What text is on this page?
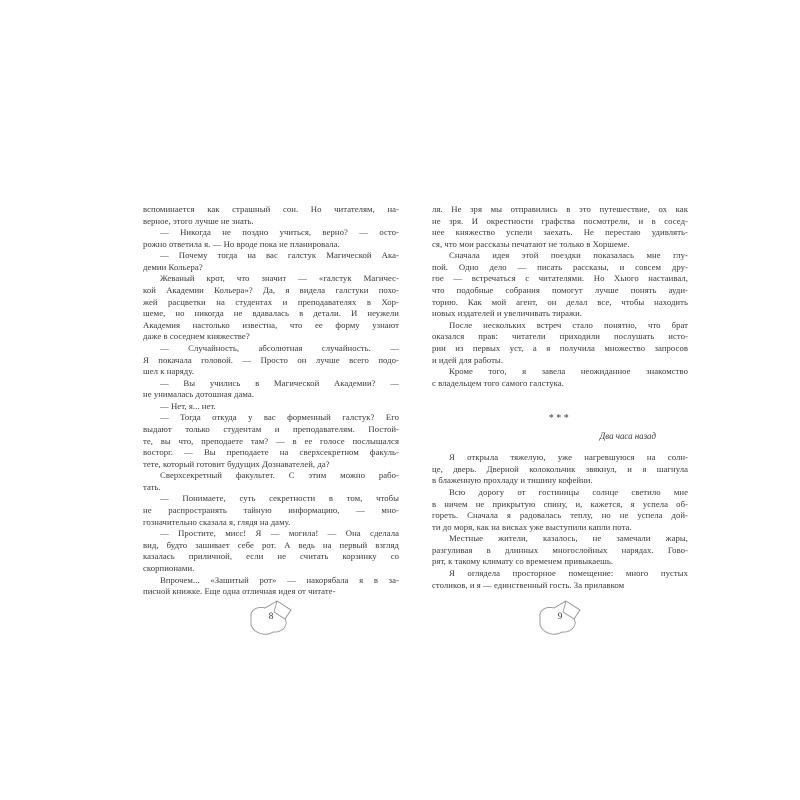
вспоминается как страшный сон. Но читателям, на-
верное, этого лучше не знать.
— Никогда не поздно учиться, верно? — осто-
рожно ответила я. — Но вроде пока не планировала.
— Почему тогда на вас галстук Магической Ака-
демии Кольера?
Жеваный крот, что значит — «галстук Магичес-
кой Академии Кольера»? Да, я видела галстуки похо-
жей расцветки на студентах и преподавателях в Хор-
шеме, но никогда не вдавалась в детали. И неужели
Академия настолько известна, что ее форму узнают
даже в соседнем княжестве?
— Случайность, абсолютная случайность. —
Я покачала головой. — Просто он лучше всего подо-
шел к наряду.
— Вы учились в Магической Академии? —
не унималась дотошная дама.
— Нет, я... нет.
— Тогда откуда у вас форменный галстук? Его
выдают только студентам и преподавателям. Постой-
те, вы что, преподаете там? — в ее голосе послышался
восторг. — Вы преподаете на сверхсекретном факуль-
тете, который готовит будущих Дознавателей, да?
Сверхсекретный факультет. С этим можно рабо-
тать.
— Понимаете, суть секретности в том, чтобы
не распространять тайную информацию, — мно-
гозначительно сказала я, глядя на даму.
— Простите, мисс! Я — могила! — Она сделала
вид, будто зашивает себе рот. А ведь на первый взгляд
казалась приличной, если не считать корзинку со
скорпионами.
Впрочем... «Зашитый рот» — накорябала я в за-
писной книжке. Еще одна отличная идея от читате-
8
ля. Не зря мы отправились в это путешествие, ох как
не зря. И окрестности графства посмотрели, и в сосед-
нее княжество успели заехать. Не перестаю удивлять-
ся, что мои рассказы печатают не только в Хоршеме.
Сначала идея этой поездки показалась мне глу-
пой. Одно дело — писать рассказы, и совсем дру-
гое — встречаться с читателями. Но Хьюго настаивал,
что подобные собрания помогут лучше понять ауди-
торию. Как мой агент, он делал все, чтобы находить
новых издателей и увеличивать тиражи.
После нескольких встреч стало понятно, что брат
оказался прав: читатели приходили послушать исто-
рии из первых уст, а я получила множество запросов
и идей для работы.
Кроме того, я завела неожиданное знакомство
с владельцем того самого галстука.
***
Два часа назад
Я открыла тяжелую, уже нагревшуюся на солн-
це, дверь. Дверной колокольчик звякнул, и я шагнула
в блаженную прохладу и тишину кофейни.
Всю дорогу от гостиницы солнце светило мне
в ничем не прикрытую спину, и, кажется, я успела об-
гореть. Сначала я радовалась теплу, но не успела дой-
ти до моря, как на висках уже выступили капли пота.
Местные жители, казалось, не замечали жары,
разгуливая в длинных многослойных нарядах. Гово-
рят, к такому климату со временем привыкаешь.
Я оглядела просторное помещение: много пустых
столиков, и я — единственный гость. За прилавком
9
